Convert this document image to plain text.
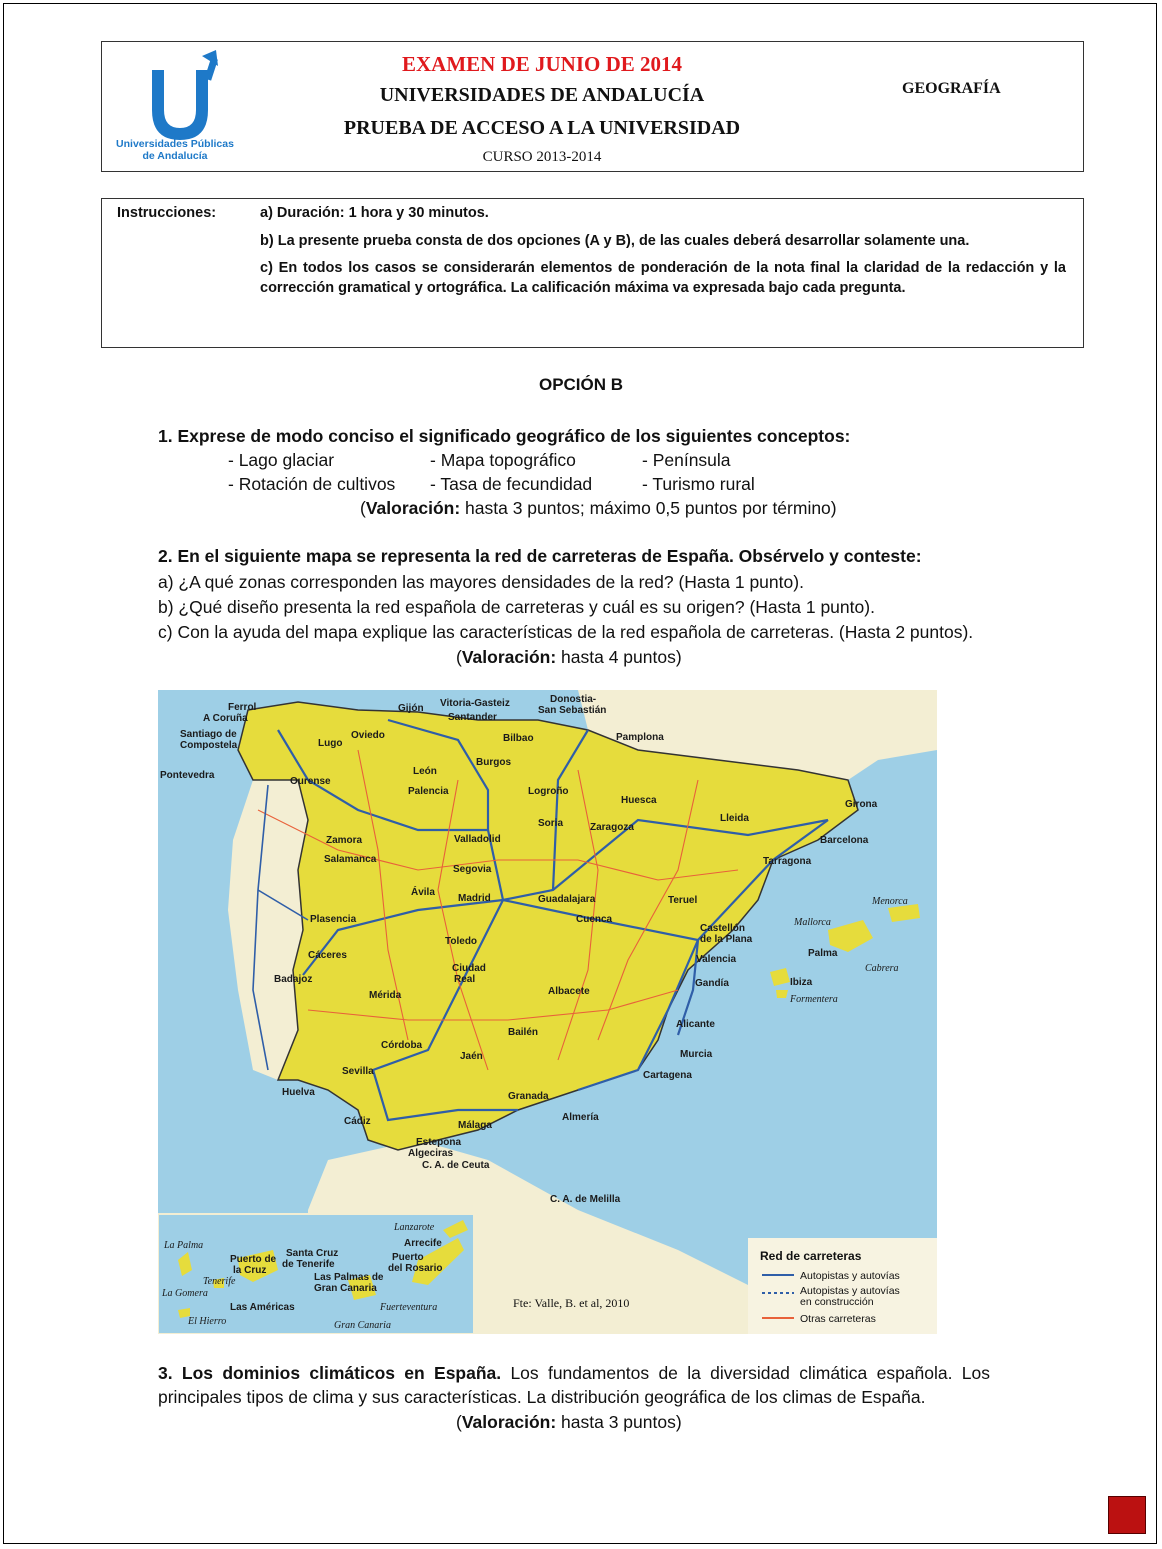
Universidades Públicas
de Andalucía
EXAMEN DE JUNIO DE 2014
UNIVERSIDADES DE ANDALUCÍA
PRUEBA DE ACCESO A LA UNIVERSIDAD
CURSO 2013-2014
GEOGRAFÍA
Instrucciones:	a) Duración: 1 hora y 30 minutos.
b) La presente prueba consta de dos opciones (A y B), de las cuales deberá desarrollar solamente una.
c) En todos los casos se considerarán elementos de ponderación de la nota final la claridad de la redacción y la corrección gramatical y ortográfica. La calificación máxima va expresada bajo cada pregunta.
OPCIÓN B
1. Exprese de modo conciso el significado geográfico de los siguientes conceptos:
- Lago glaciar	- Mapa topográfico	- Península
- Rotación de cultivos - Tasa de fecundidad	- Turismo rural
(Valoración: hasta 3 puntos; máximo 0,5 puntos por término)
2. En el siguiente mapa se representa la red de carreteras de España. Obsérvelo y conteste:
a) ¿A qué zonas corresponden las mayores densidades de la red? (Hasta 1 punto).
b) ¿Qué diseño presenta la red española de carreteras y cuál es su origen? (Hasta 1 punto).
c) Con la ayuda del mapa explique las características de la red española de carreteras. (Hasta 2 puntos).
(Valoración: hasta 4 puntos)
Ferrol
A Coruña
Santiago de
Compostela	Lugo
Oviedo
Gijón Vitoria-Gasteiz
Santander
Donostia-
San Sebastián
Bilbao	Pamplona
Pontevedra
Ourense
León
Burgos
Logroño
Palencia
Huesca	Girona
Soria	Zaragoza
Lleida
Barcelona
Zamora	Valladolid
Tarragona
Salamanca
Segovia
Ávila
Guadalajara
Madrid	Teruel
Plasencia	Cuenca
Castellón
de la Plana
Cáceres
Toledo
Valencia
Badajoz
Ciudad
Real	Gandía
Mérida	Albacete
Alicante
Córdoba
Bailén
Jaén	Murcia
Sevilla	Cartagena
Huelva	Granada
Almería
Cádiz	Málaga
Estepona
Algeciras
C. A. de Ceuta
C. A. de Melilla
Ibiza
Menorca
Mallorca
Palma
Cabrera
Formentera
Lanzarote
La Palma	Arrecife
Puerto de
la Cruz
Santa Cruz
de Tenerife
Puerto
del Rosario
Tenerife	Las Palmas de
Gran Canaria
La Gomera
Las Américas	Fuerteventura
El Hierro	Gran Canaria
Fte: Valle, B. et al, 2010
Red de carreteras
Autopistas y autovías
Autopistas y autovías
en construcción
Otras carreteras
3. Los dominios climáticos en España. Los fundamentos de la diversidad climática española. Los principales tipos de clima y sus características. La distribución geográfica de los climas de España.
(Valoración: hasta 3 puntos)
